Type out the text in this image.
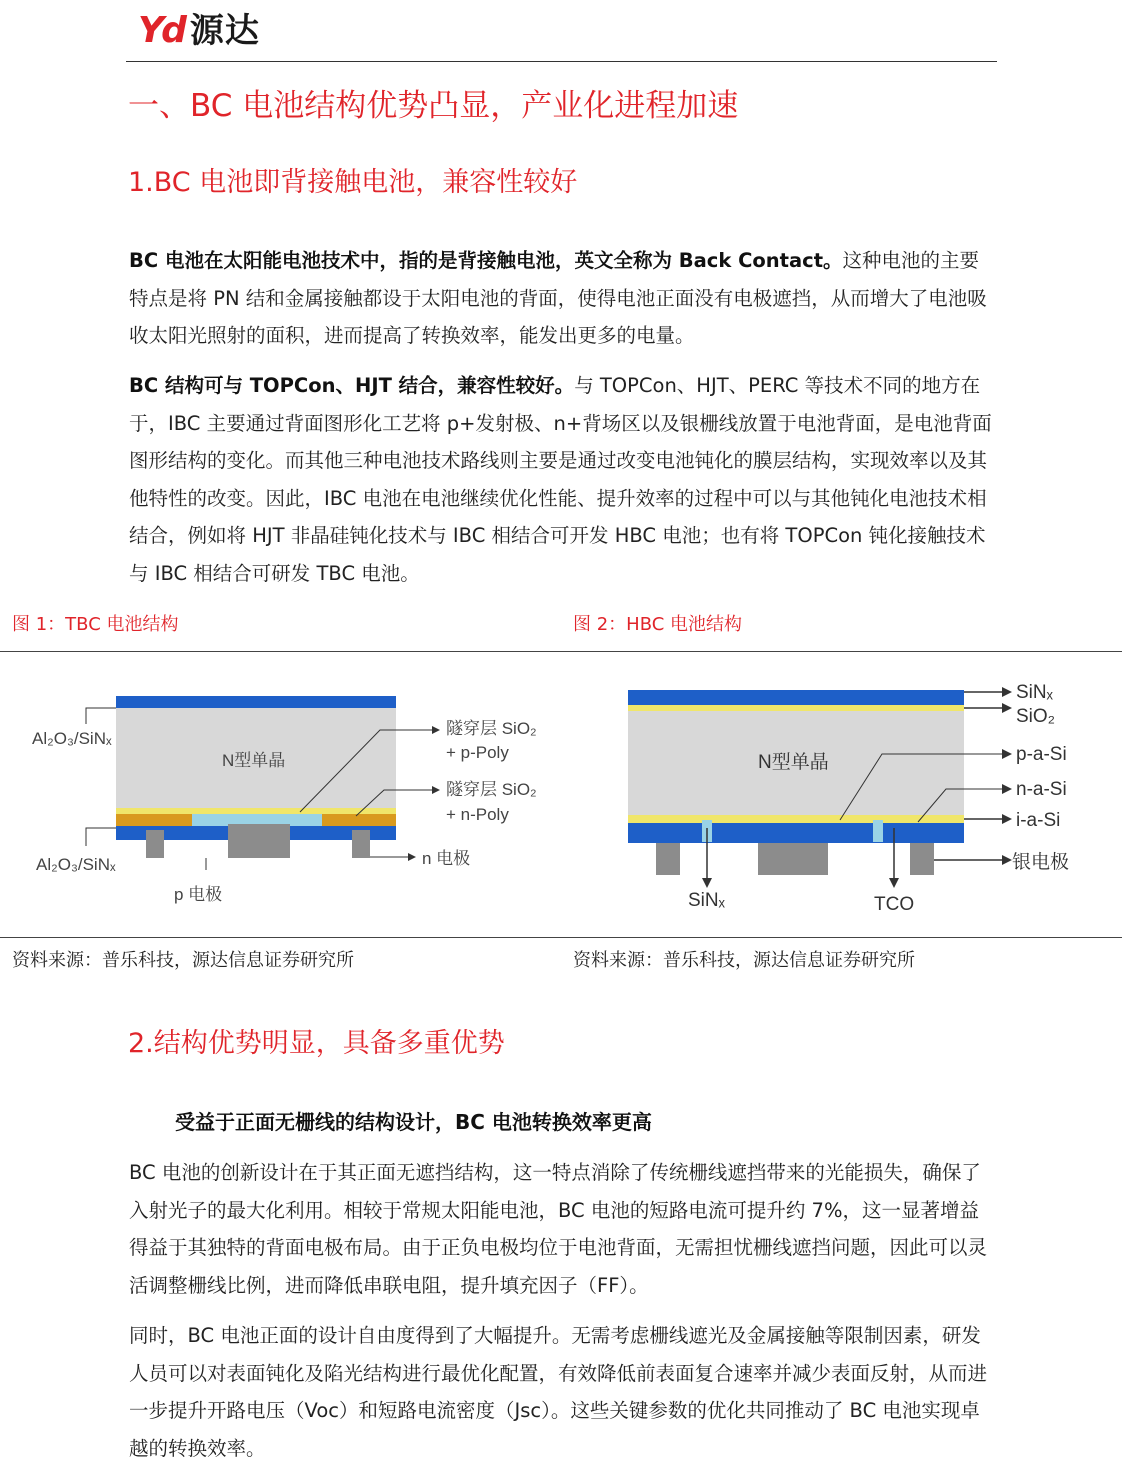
Yd 源达
一、BC 电池结构优势凸显，产业化进程加速
1.BC 电池即背接触电池，兼容性较好

BC 电池在太阳能电池技术中，指的是背接触电池，英文全称为 Back Contact。这种电池的主要特点是将 PN 结和金属接触都设于太阳电池的背面，使得电池正面没有电极遮挡，从而增大了电池吸收太阳光照射的面积，进而提高了转换效率，能发出更多的电量。

BC 结构可与 TOPCon、HJT 结合，兼容性较好。与 TOPCon、HJT、PERC 等技术不同的地方在于，IBC 主要通过背面图形化工艺将 p+发射极、n+背场区以及银栅线放置于电池背面，是电池背面图形结构的变化。而其他三种电池技术路线则主要是通过改变电池钝化的膜层结构，实现效率以及其他特性的改变。因此，IBC 电池在电池继续优化性能、提升效率的过程中可以与其他钝化电池技术相结合，例如将 HJT 非晶硅钝化技术与 IBC 相结合可开发 HBC 电池；也有将 TOPCon 钝化接触技术与 IBC 相结合可研发 TBC 电池。

图 1：TBC 电池结构	图 2：HBC 电池结构
Al₂O₃/SiNₓ
Al₂O₃/SiNₓ
N型单晶
隧穿层 SiO₂
+ p-Poly
隧穿层 SiO₂
+ n-Poly
n 电极
p 电极
N型单晶
SiNₓ
SiO₂
p-a-Si
n-a-Si
i-a-Si
银电极
SiNₓ	TCO
资料来源：普乐科技，源达信息证券研究所	资料来源：普乐科技，源达信息证券研究所
2.结构优势明显，具备多重优势
受益于正面无栅线的结构设计，BC 电池转换效率更高

BC 电池的创新设计在于其正面无遮挡结构，这一特点消除了传统栅线遮挡带来的光能损失，确保了入射光子的最大化利用。相较于常规太阳能电池，BC 电池的短路电流可提升约 7%，这一显著增益得益于其独特的背面电极布局。由于正负电极均位于电池背面，无需担忧栅线遮挡问题，因此可以灵活调整栅线比例，进而降低串联电阻，提升填充因子（FF）。

同时，BC 电池正面的设计自由度得到了大幅提升。无需考虑栅线遮光及金属接触等限制因素，研发人员可以对表面钝化及陷光结构进行最优化配置，有效降低前表面复合速率并减少表面反射，从而进一步提升开路电压（Voc）和短路电流密度（Jsc）。这些关键参数的优化共同推动了 BC 电池实现卓越的转换效率。
